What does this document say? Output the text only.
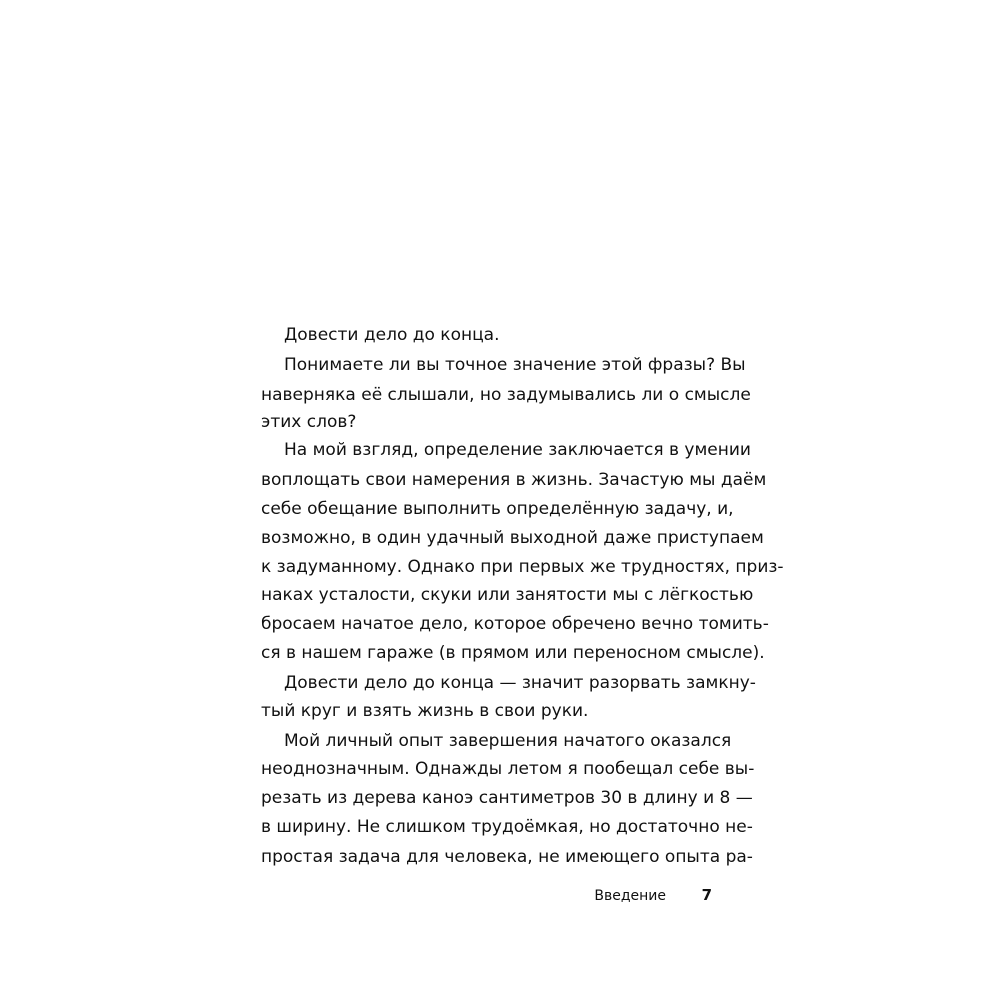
Довести дело до конца.
Понимаете ли вы точное значение этой фразы? Вы
наверняка её слышали, но задумывались ли о смысле
этих слов?
На мой взгляд, определение заключается в умении
воплощать свои намерения в жизнь. Зачастую мы даём
себе обещание выполнить определённую задачу, и,
возможно, в один удачный выходной даже приступаем
к задуманному. Однако при первых же трудностях, приз-
наках усталости, скуки или занятости мы с лёгкостью
бросаем начатое дело, которое обречено вечно томить-
ся в нашем гараже (в прямом или переносном смысле).
Довести дело до конца — значит разорвать замкну-
тый круг и взять жизнь в свои руки.
Мой личный опыт завершения начатого оказался
неоднозначным. Однажды летом я пообещал себе вы-
резать из дерева каноэ сантиметров 30 в длину и 8 —
в ширину. Не слишком трудоёмкая, но достаточно не-
простая задача для человека, не имеющего опыта ра-
Введение	7
